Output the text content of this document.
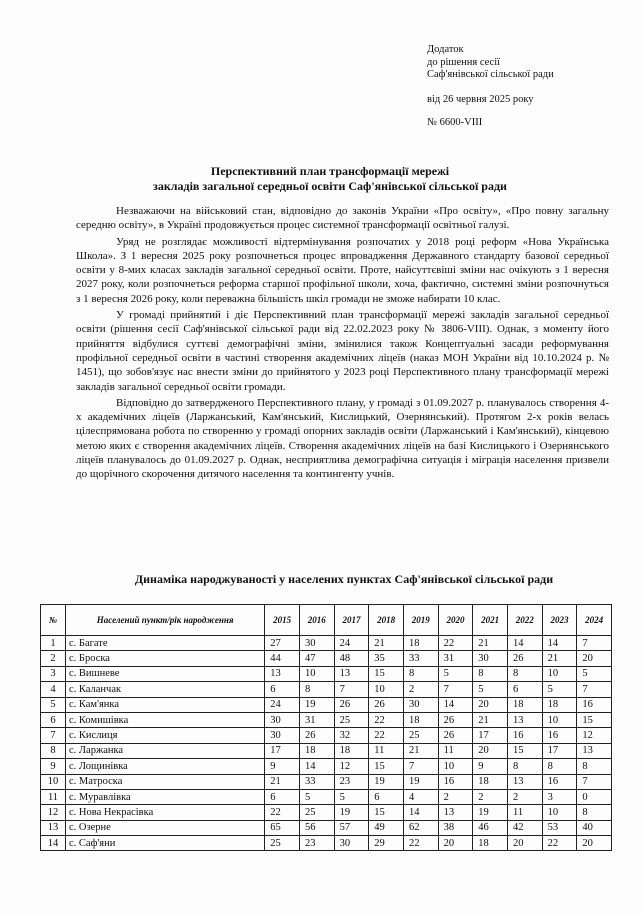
Додаток
до рішення сесії
Саф'янівської сільської ради
від 26 червня 2025 року
№ 6600-VIII
Перспективний план трансформації мережі
закладів загальної середньої освіти Саф'янівської сільської ради

Незважаючи на військовий стан, відповідно до законів України «Про освіту», «Про повну загальну середню освіту», в Україні продовжується процес системної трансформації освітньої галузі.

Уряд не розглядає можливості відтермінування розпочатих у 2018 році реформ «Нова Українська Школа». З 1 вересня 2025 року розпочнеться процес впровадження Державного стандарту базової середньої освіти у 8-мих класах закладів загальної середньої освіти. Проте, найсуттєвіші зміни нас очікують з 1 вересня 2027 року, коли розпочнеться реформа старшої профільної школи, хоча, фактично, системні зміни розпочнуться з 1 вересня 2026 року, коли переважна більшість шкіл громади не зможе набирати 10 клас.

У громаді прийнятий і діє Перспективний план трансформації мережі закладів загальної середньої освіти (рішення сесії Саф'янівської сільської ради від 22.02.2023 року № 3806-VIII). Однак, з моменту його прийняття відбулися суттєві демографічні зміни, змінилися також Концептуальні засади реформування профільної середньої освіти в частині створення академічних ліцеїв (наказ МОН України від 10.10.2024 р. № 1451), що зобов'язує нас внести зміни до прийнятого у 2023 році Перспективного плану трансформації мережі закладів загальної середньої освіти громади.

Відповідно до затвердженого Перспективного плану, у громаді з 01.09.2027 р. планувалось створення 4-х академічних ліцеїв (Ларжанський, Кам'янський, Кислицький, Озернянський). Протягом 2-х років велась цілеспрямована робота по створенню у громаді опорних закладів освіти (Ларжанський і Кам'янський), кінцевою метою яких є створення академічних ліцеїв. Створення академічних ліцеїв на базі Кислицького і Озернянського ліцеїв планувалось до 01.09.2027 р. Однак, несприятлива демографічна ситуація і міграція населення призвели до щорічного скорочення дитячого населення та контингенту учнів.

Динаміка народжуваності у населених пунктах Саф'янівської сільської ради
№	Населений пункт/рік народження	2015	2016	2017	2018	2019	2020	2021	2022	2023	2024
1	с. Багате	27	30	24	21	18	22	21	14	14	7
2	с. Броска	44	47	48	35	33	31	30	26	21	20
3	с. Вишневе	13	10	13	15	8	5	8	8	10	5
4	с. Каланчак	6	8	7	10	2	7	5	6	5	7
5	с. Кам'янка	24	19	26	26	30	14	20	18	18	16
6	с. Комишівка	30	31	25	22	18	26	21	13	10	15
7	с. Кислиця	30	26	32	22	25	26	17	16	16	12
8	с. Ларжанка	17	18	18	11	21	11	20	15	17	13
9	с. Лощинівка	9	14	12	15	7	10	9	8	8	8
10	с. Матроска	21	33	23	19	19	16	18	13	16	7
11	с. Муравлівка	6	5	5	6	4	2	2	2	3	0
12	с. Нова Некрасівка	22	25	19	15	14	13	19	11	10	8
13	с. Озерне	65	56	57	49	62	38	46	42	53	40
14	с. Саф'яни	25	23	30	29	22	20	18	20	22	20
